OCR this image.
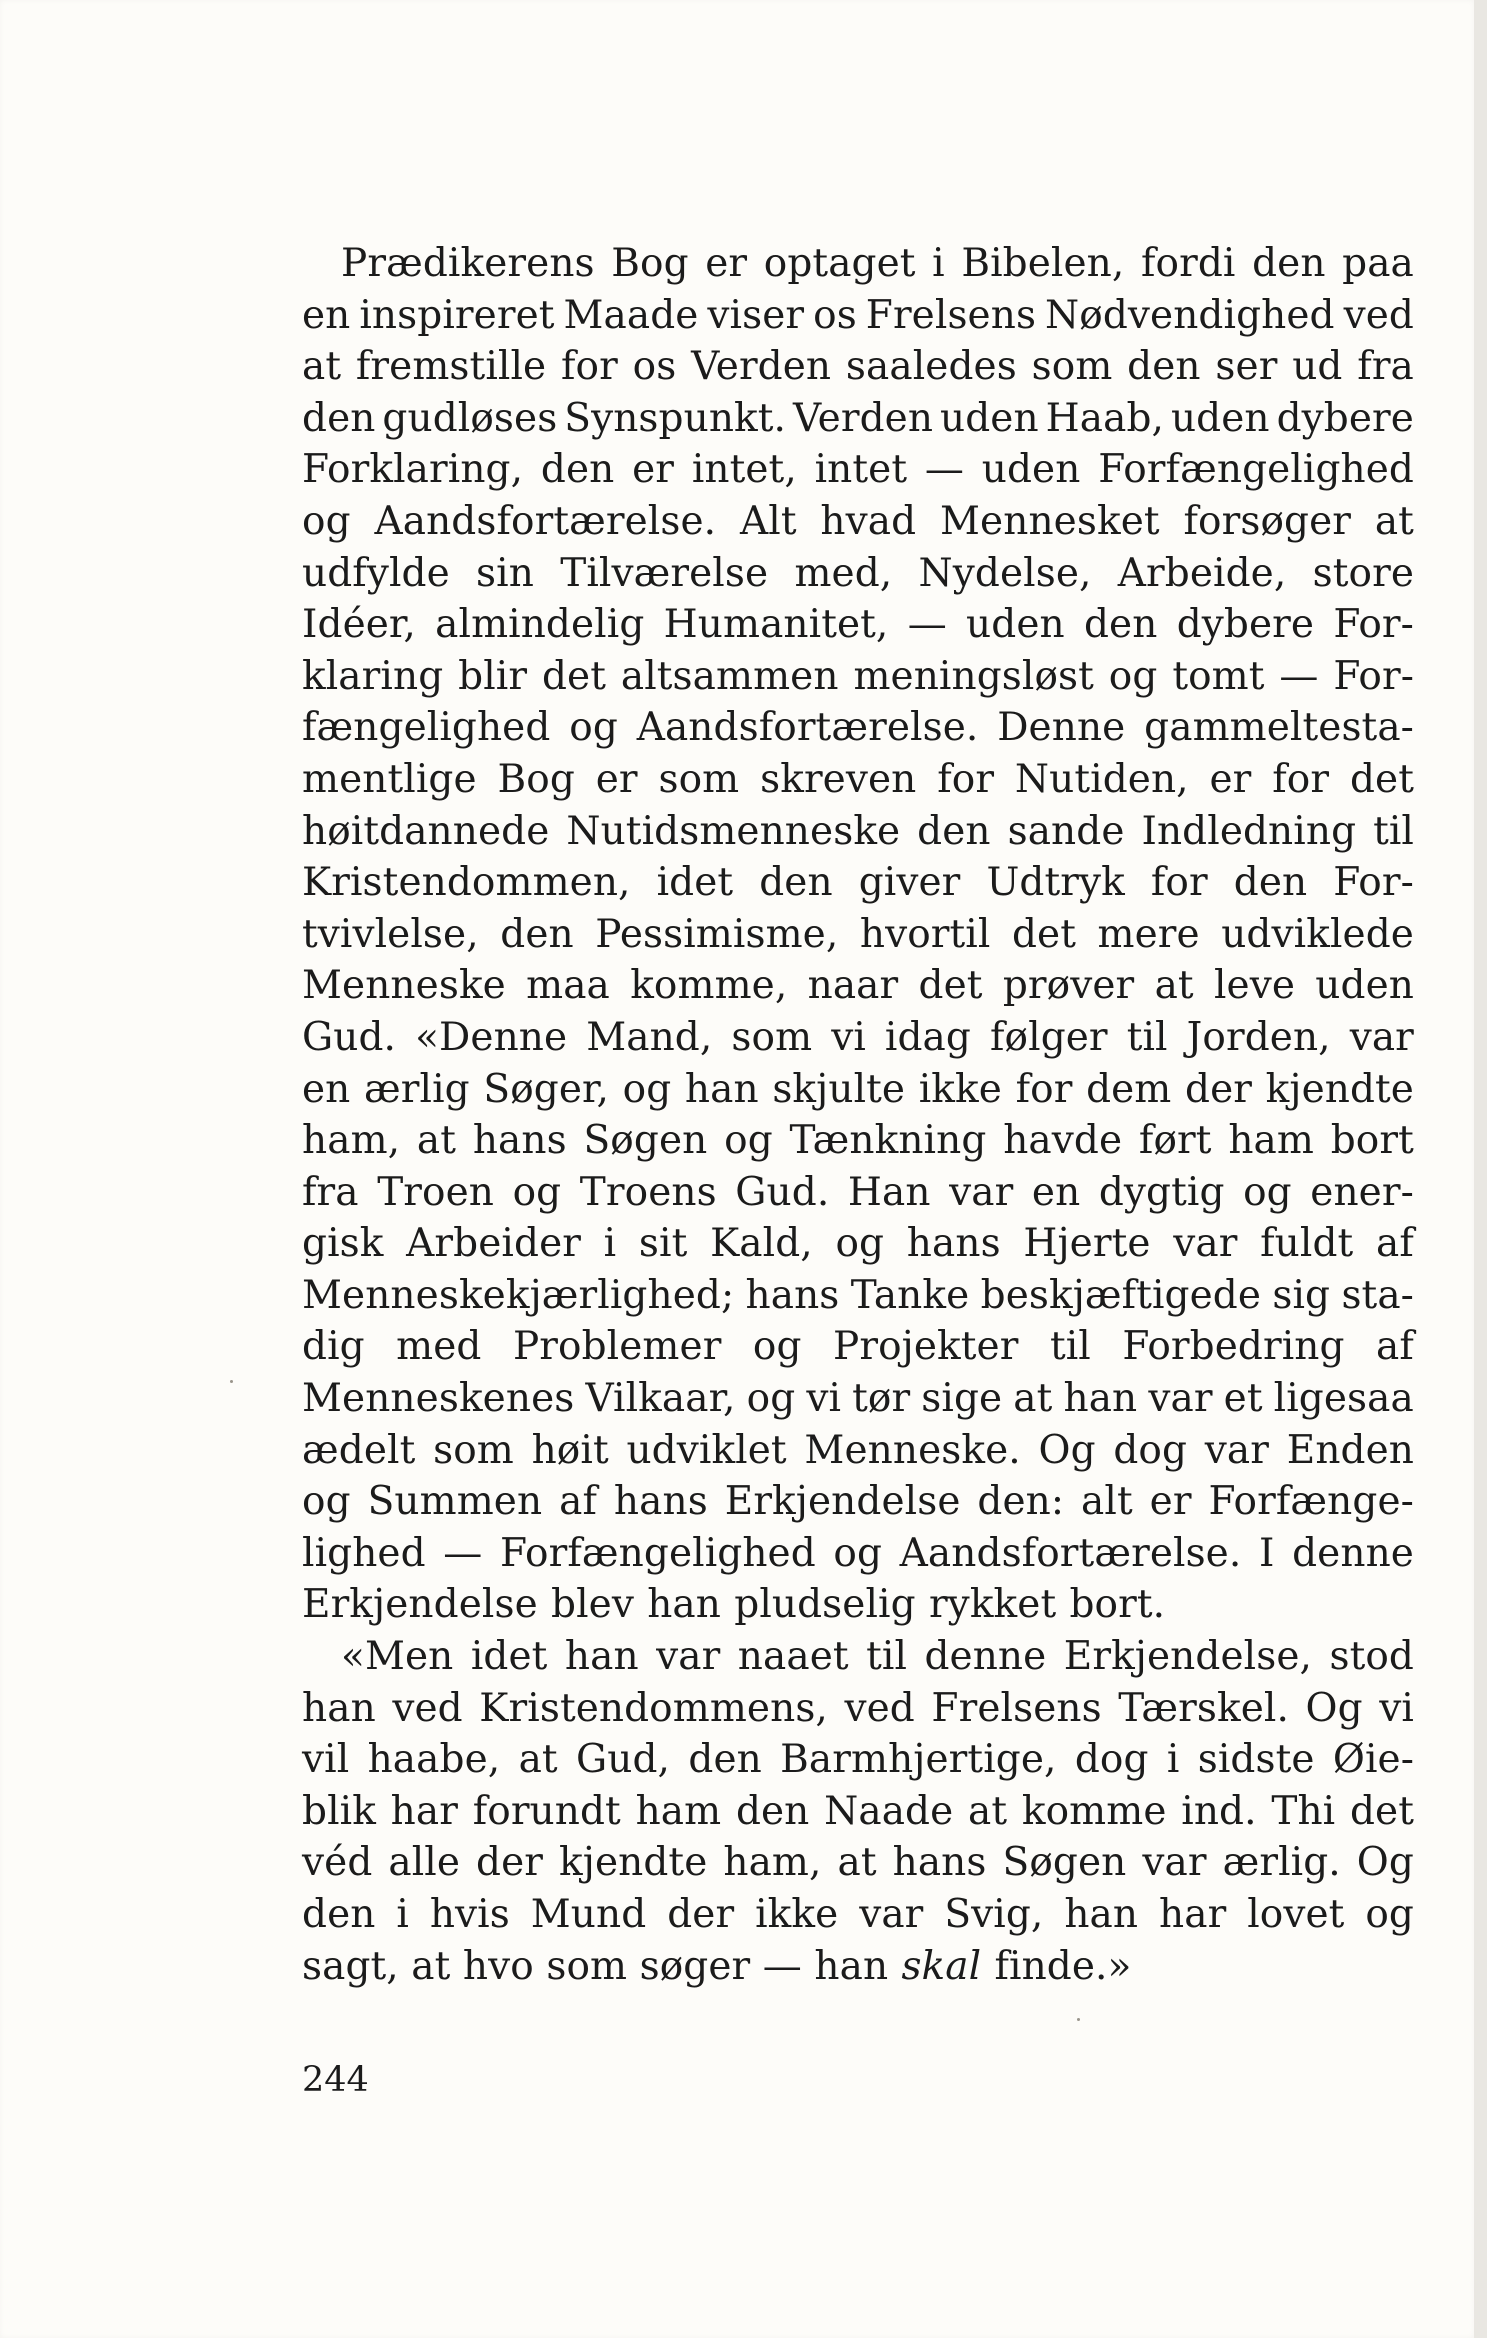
Prædikerens Bog er optaget i Bibelen, fordi den paa
en inspireret Maade viser os Frelsens Nødvendighed ved
at fremstille for os Verden saaledes som den ser ud fra
den gudløses Synspunkt. Verden uden Haab, uden dybere
Forklaring, den er intet, intet — uden Forfængelighed
og Aandsfortærelse. Alt hvad Mennesket forsøger at
udfylde sin Tilværelse med, Nydelse, Arbeide, store
Idéer, almindelig Humanitet, — uden den dybere For-
klaring blir det altsammen meningsløst og tomt — For-
fængelighed og Aandsfortærelse. Denne gammeltesta-
mentlige Bog er som skreven for Nutiden, er for det
høitdannede Nutidsmenneske den sande Indledning til
Kristendommen, idet den giver Udtryk for den For-
tvivlelse, den Pessimisme, hvortil det mere udviklede
Menneske maa komme, naar det prøver at leve uden
Gud. «Denne Mand, som vi idag følger til Jorden, var
en ærlig Søger, og han skjulte ikke for dem der kjendte
ham, at hans Søgen og Tænkning havde ført ham bort
fra Troen og Troens Gud. Han var en dygtig og ener-
gisk Arbeider i sit Kald, og hans Hjerte var fuldt af
Menneskekjærlighed; hans Tanke beskjæftigede sig sta-
dig med Problemer og Projekter til Forbedring af
Menneskenes Vilkaar, og vi tør sige at han var et ligesaa
ædelt som høit udviklet Menneske. Og dog var Enden
og Summen af hans Erkjendelse den: alt er Forfænge-
lighed — Forfængelighed og Aandsfortærelse. I denne
Erkjendelse blev han pludselig rykket bort.
«Men idet han var naaet til denne Erkjendelse, stod
han ved Kristendommens, ved Frelsens Tærskel. Og vi
vil haabe, at Gud, den Barmhjertige, dog i sidste Øie-
blik har forundt ham den Naade at komme ind. Thi det
véd alle der kjendte ham, at hans Søgen var ærlig. Og
den i hvis Mund der ikke var Svig, han har lovet og
sagt, at hvo som søger — han skal finde.»
244
